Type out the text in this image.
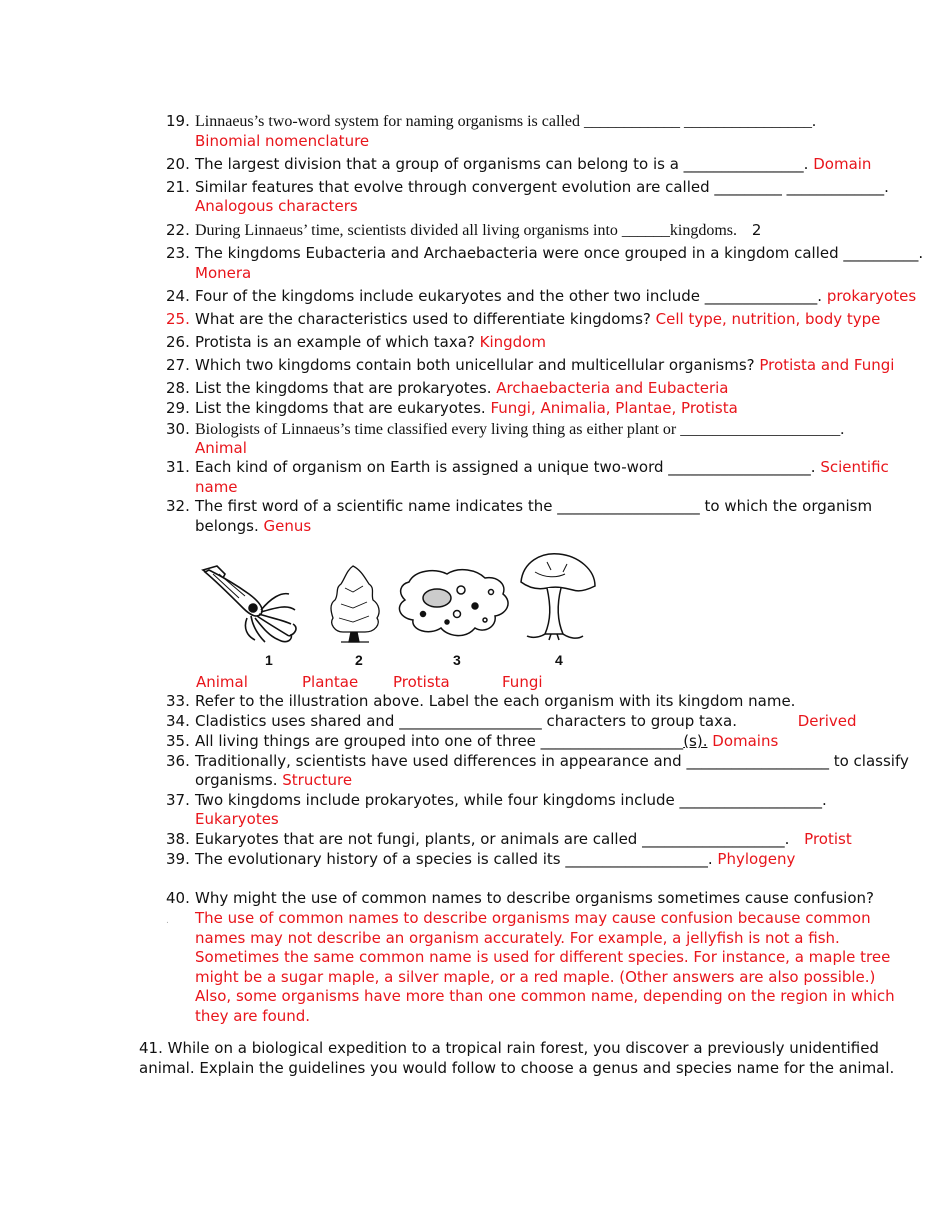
19. Linnaeus’s two-word system for naming organisms is called ____________ ________________.
Binomial nomenclature
20. The largest division that a group of organisms can belong to is a ________________. Domain
21. Similar features that evolve through convergent evolution are called _________ _____________.
Analogous characters
22. During Linnaeus’ time, scientists divided all living organisms into ______kingdoms. 2
23. The kingdoms Eubacteria and Archaebacteria were once grouped in a kingdom called __________.
Monera
24. Four of the kingdoms include eukaryotes and the other two include _______________. prokaryotes
25. What are the characteristics used to differentiate kingdoms? Cell type, nutrition, body type
26. Protista is an example of which taxa? Kingdom
27. Which two kingdoms contain both unicellular and multicellular organisms? Protista and Fungi
28. List the kingdoms that are prokaryotes. Archaebacteria and Eubacteria
29. List the kingdoms that are eukaryotes. Fungi, Animalia, Plantae, Protista
30. Biologists of Linnaeus’s time classified every living thing as either plant or ____________________.
Animal
31. Each kind of organism on Earth is assigned a unique two-word ___________________. Scientific
name
32. The first word of a scientific name indicates the ___________________ to which the organism
belongs. Genus
1	2	3	4
Animal	Plantae Protista	Fungi
33. Refer to the illustration above. Label the each organism with its kingdom name.
34. Cladistics uses shared and ___________________ characters to group taxa.	Derived
35. All living things are grouped into one of three ___________________(s). Domains
36. Traditionally, scientists have used differences in appearance and ___________________ to classify
organisms. Structure
37. Two kingdoms include prokaryotes, while four kingdoms include ___________________.
Eukaryotes
38. Eukaryotes that are not fungi, plants, or animals are called ___________________. Protist
39. The evolutionary history of a species is called its ___________________. Phylogeny
40. Why might the use of common names to describe organisms sometimes cause confusion?
. The use of common names to describe organisms may cause confusion because common names may not describe an organism accurately. For example, a jellyfish is not a fish. Sometimes the same common name is used for different species. For instance, a maple tree might be a sugar maple, a silver maple, or a red maple. (Other answers are also possible.) Also, some organisms have more than one common name, depending on the region in which they are found.
41. While on a biological expedition to a tropical rain forest, you discover a previously unidentified animal. Explain the guidelines you would follow to choose a genus and species name for the animal.
